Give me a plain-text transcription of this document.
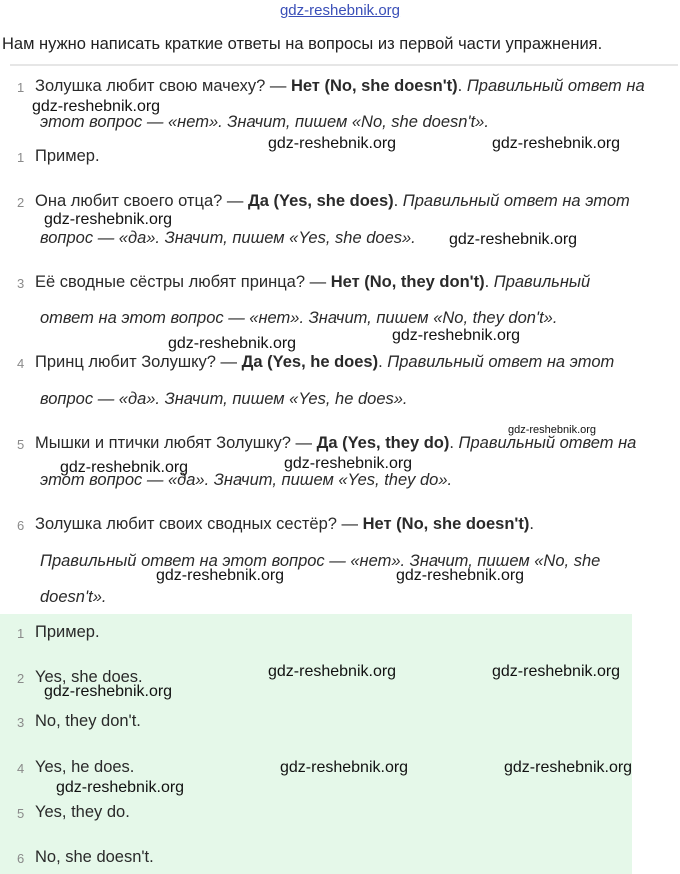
gdz-reshebnik.org
Нам нужно написать краткие ответы на вопросы из первой части упражнения.
1 Золушка любит свою мачеху? — Нет (No, she doesn't). Правильный ответ на
этот вопрос — «нет». Значит, пишем «No, she doesn't».
1 Пример.
2 Она любит своего отца? — Да (Yes, she does). Правильный ответ на этот
вопрос — «да». Значит, пишем «Yes, she does».
3 Её сводные сёстры любят принца? — Нет (No, they don't). Правильный
ответ на этот вопрос — «нет». Значит, пишем «No, they don't».
4 Принц любит Золушку? — Да (Yes, he does). Правильный ответ на этот
вопрос — «да». Значит, пишем «Yes, he does».
5 Мышки и птички любят Золушку? — Да (Yes, they do). Правильный ответ на
этот вопрос — «да». Значит, пишем «Yes, they do».
6 Золушка любит своих сводных сестёр? — Нет (No, she doesn't).
Правильный ответ на этот вопрос — «нет». Значит, пишем «No, she
doesn't».
1 Пример.
2 Yes, she does.
3 No, they don't.
4 Yes, he does.
5 Yes, they do.
6 No, she doesn't.
gdz-reshebnik.org
gdz-reshebnik.org	gdz-reshebnik.org
gdz-reshebnik.org
gdz-reshebnik.org
gdz-reshebnik.org
gdz-reshebnik.org
gdz-reshebnik.org
gdz-reshebnik.org
gdz-reshebnik.org
gdz-reshebnik.org	gdz-reshebnik.org
gdz-reshebnik.org	gdz-reshebnik.org
gdz-reshebnik.org
gdz-reshebnik.org	gdz-reshebnik.org
gdz-reshebnik.org
